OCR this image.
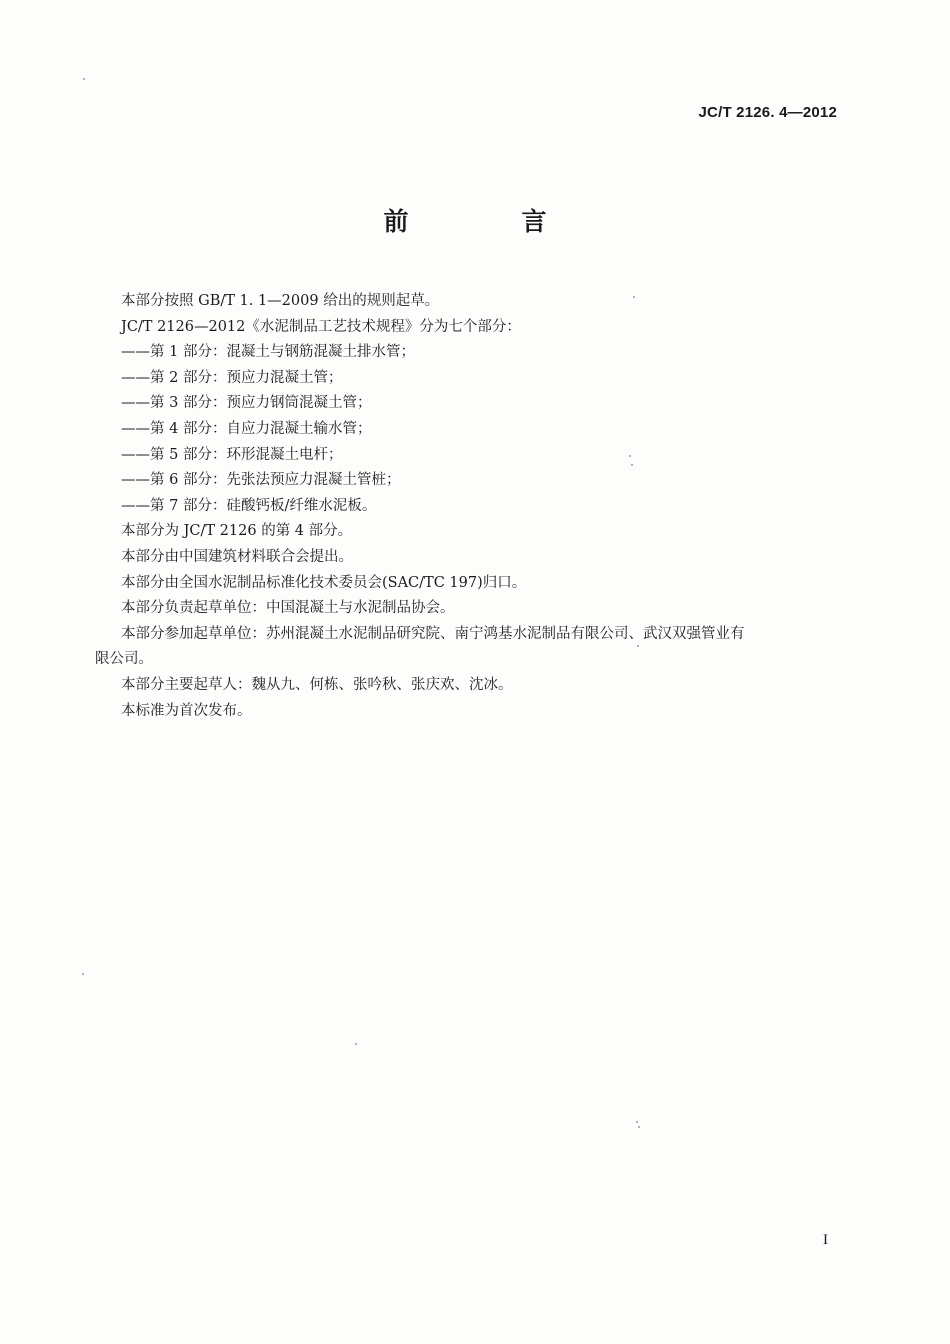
JC/T 2126. 4—2012
前　言
本部分按照 GB/T 1. 1—2009 给出的规则起草。
JC/T 2126—2012《水泥制品工艺技术规程》分为七个部分：
——第 1 部分：混凝土与钢筋混凝土排水管；
——第 2 部分：预应力混凝土管；
——第 3 部分：预应力钢筒混凝土管；
——第 4 部分：自应力混凝土输水管；
——第 5 部分：环形混凝土电杆；
——第 6 部分：先张法预应力混凝土管桩；
——第 7 部分：硅酸钙板/纤维水泥板。
本部分为 JC/T 2126 的第 4 部分。
本部分由中国建筑材料联合会提出。
本部分由全国水泥制品标准化技术委员会(SAC/TC 197)归口。
本部分负责起草单位：中国混凝土与水泥制品协会。
本部分参加起草单位：苏州混凝土水泥制品研究院、南宁鸿基水泥制品有限公司、武汉双强管业有
限公司。
本部分主要起草人：魏从九、何栋、张吟秋、张庆欢、沈冰。
本标准为首次发布。
I
